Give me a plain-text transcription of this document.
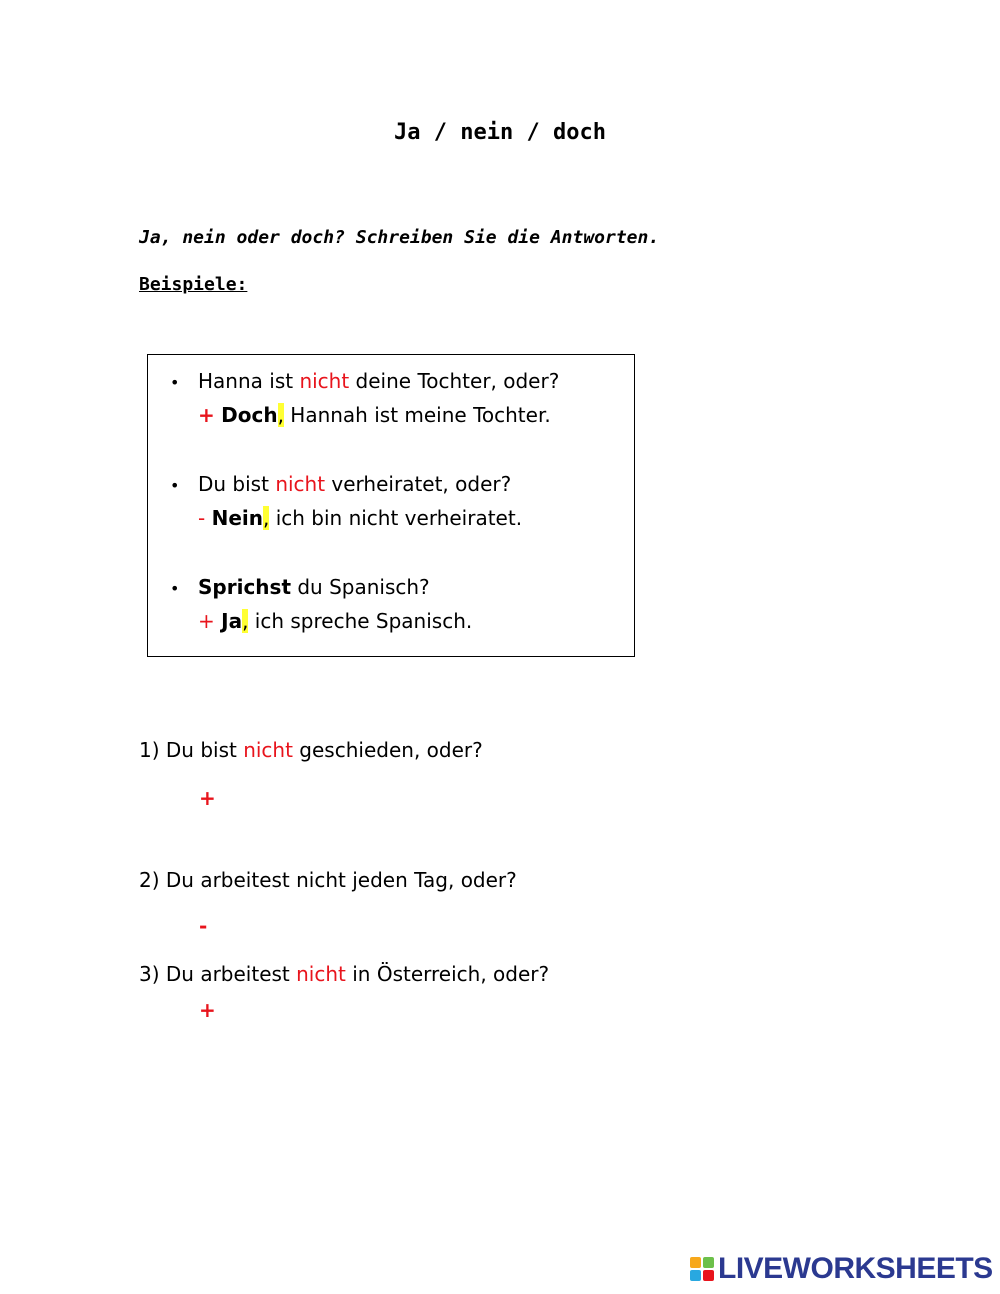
Ja / nein / doch
Ja, nein oder doch? Schreiben Sie die Antworten.
Beispiele:
• Hanna ist nicht deine Tochter, oder?
+ Doch, Hannah ist meine Tochter.
• Du bist nicht verheiratet, oder?
- Nein, ich bin nicht verheiratet.
• Sprichst du Spanisch?
+ Ja, ich spreche Spanisch.
1) Du bist nicht geschieden, oder?
+
2) Du arbeitest nicht jeden Tag, oder?
-
3) Du arbeitest nicht in Österreich, oder?
+
LIVEWORKSHEETS
